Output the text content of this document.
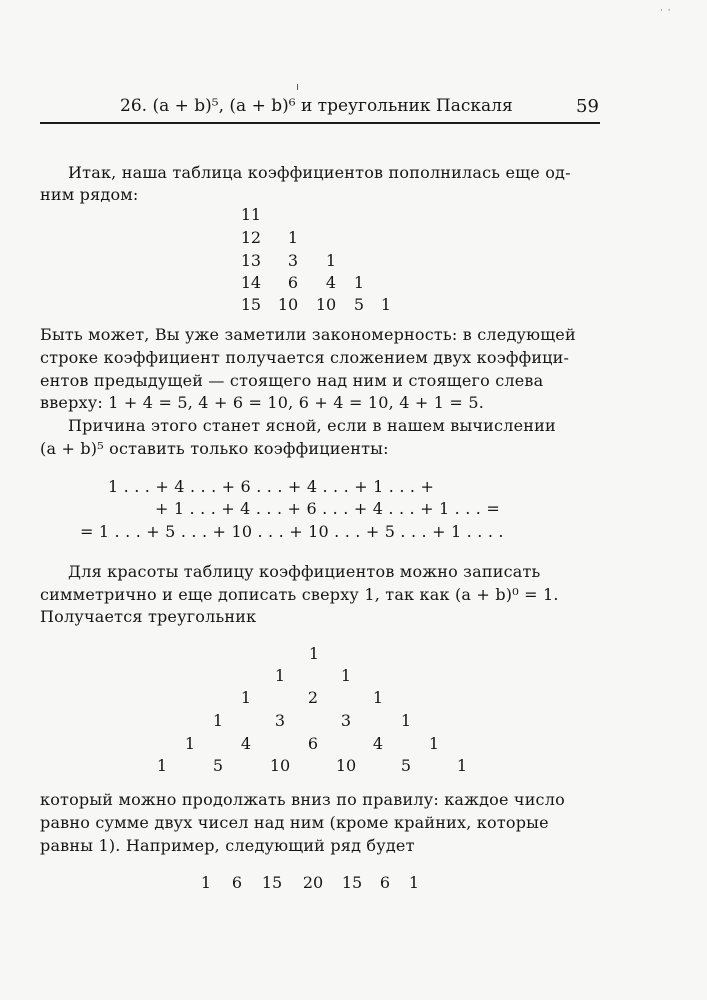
26. (a + b)⁵, (a + b)⁶ и треугольник Паскаля	59
ı
· ·
Итак, наша таблица коэффициентов пополнилась еще од-
ним рядом:
1 1
1 2 1
1 3 3 1
1 4 6 4 1
1 5 10 10 5 1
Быть может, Вы уже заметили закономерность: в следующей
строке коэффициент получается сложением двух коэффици-
ентов предыдущей — стоящего над ним и стоящего слева
вверху: 1 + 4 = 5, 4 + 6 = 10, 6 + 4 = 10, 4 + 1 = 5.
Причина этого станет ясной, если в нашем вычислении
(a + b)⁵ оставить только коэффициенты:
1 . . . + 4 . . . + 6 . . . + 4 . . . + 1 . . . +
+ 1 . . . + 4 . . . + 6 . . . + 4 . . . + 1 . . . =
= 1 . . . + 5 . . . + 10 . . . + 10 . . . + 5 . . . + 1 . . . .
Для красоты таблицу коэффициентов можно записать
симметрично и еще дописать сверху 1, так как (a + b)⁰ = 1.
Получается треугольник
1
1	1
1	2	1
1	3	3	1
1	4	6	4	1
1	5	10	10	5	1
который можно продолжать вниз по правилу: каждое число
равно сумме двух чисел над ним (кроме крайних, которые
равны 1). Например, следующий ряд будет
1 6 15 20 15 6 1
